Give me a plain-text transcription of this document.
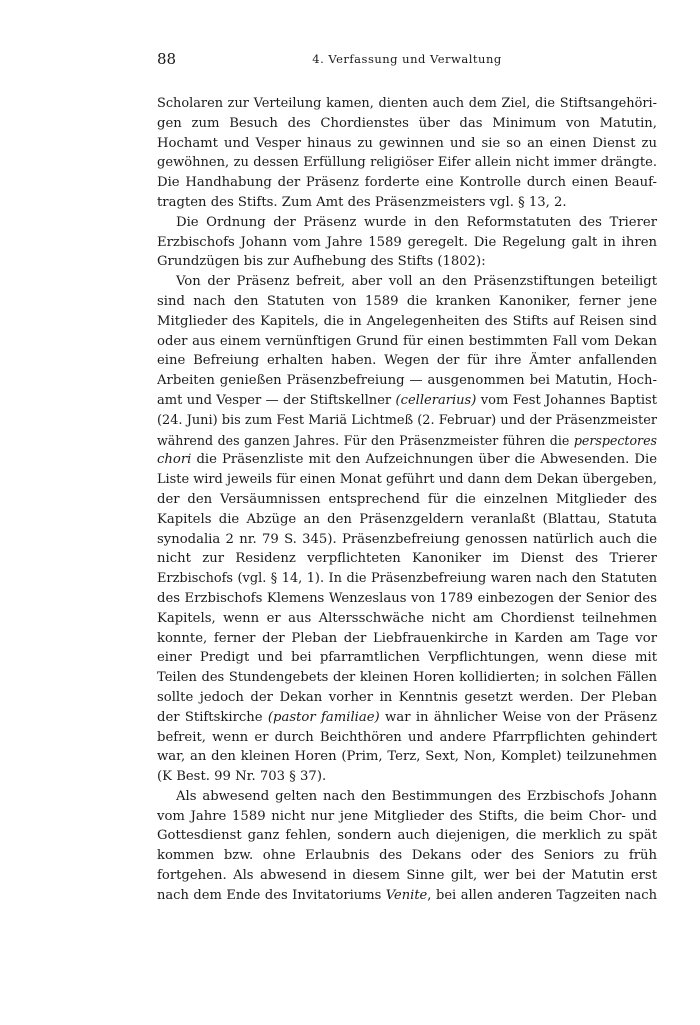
88	4. Verfassung und Verwaltung
Scholaren zur Verteilung kamen, dienten auch dem Ziel, die Stiftsangehöri-
gen zum Besuch des Chordienstes über das Minimum von Matutin,
Hochamt und Vesper hinaus zu gewinnen und sie so an einen Dienst zu
gewöhnen, zu dessen Erfüllung religiöser Eifer allein nicht immer drängte.
Die Handhabung der Präsenz forderte eine Kontrolle durch einen Beauf-
tragten des Stifts. Zum Amt des Präsenzmeisters vgl. § 13, 2.
Die Ordnung der Präsenz wurde in den Reformstatuten des Trierer
Erzbischofs Johann vom Jahre 1589 geregelt. Die Regelung galt in ihren
Grundzügen bis zur Aufhebung des Stifts (1802):
Von der Präsenz befreit, aber voll an den Präsenzstiftungen beteiligt
sind nach den Statuten von 1589 die kranken Kanoniker, ferner jene
Mitglieder des Kapitels, die in Angelegenheiten des Stifts auf Reisen sind
oder aus einem vernünftigen Grund für einen bestimmten Fall vom Dekan
eine Befreiung erhalten haben. Wegen der für ihre Ämter anfallenden
Arbeiten genießen Präsenzbefreiung — ausgenommen bei Matutin, Hoch-
amt und Vesper — der Stiftskellner (cellerarius) vom Fest Johannes Baptist
(24. Juni) bis zum Fest Mariä Lichtmeß (2. Februar) und der Präsenzmeister
während des ganzen Jahres. Für den Präsenzmeister führen die perspectores
chori die Präsenzliste mit den Aufzeichnungen über die Abwesenden. Die
Liste wird jeweils für einen Monat geführt und dann dem Dekan übergeben,
der den Versäumnissen entsprechend für die einzelnen Mitglieder des
Kapitels die Abzüge an den Präsenzgeldern veranlaßt (Blattau, Statuta
synodalia 2 nr. 79 S. 345). Präsenzbefreiung genossen natürlich auch die
nicht zur Residenz verpflichteten Kanoniker im Dienst des Trierer
Erzbischofs (vgl. § 14, 1). In die Präsenzbefreiung waren nach den Statuten
des Erzbischofs Klemens Wenzeslaus von 1789 einbezogen der Senior des
Kapitels, wenn er aus Altersschwäche nicht am Chordienst teilnehmen
konnte, ferner der Pleban der Liebfrauenkirche in Karden am Tage vor
einer Predigt und bei pfarramtlichen Verpflichtungen, wenn diese mit
Teilen des Stundengebets der kleinen Horen kollidierten; in solchen Fällen
sollte jedoch der Dekan vorher in Kenntnis gesetzt werden. Der Pleban
der Stiftskirche (pastor familiae) war in ähnlicher Weise von der Präsenz
befreit, wenn er durch Beichthören und andere Pfarrpflichten gehindert
war, an den kleinen Horen (Prim, Terz, Sext, Non, Komplet) teilzunehmen
(K Best. 99 Nr. 703 § 37).
Als abwesend gelten nach den Bestimmungen des Erzbischofs Johann
vom Jahre 1589 nicht nur jene Mitglieder des Stifts, die beim Chor- und
Gottesdienst ganz fehlen, sondern auch diejenigen, die merklich zu spät
kommen bzw. ohne Erlaubnis des Dekans oder des Seniors zu früh
fortgehen. Als abwesend in diesem Sinne gilt, wer bei der Matutin erst
nach dem Ende des Invitatoriums Venite, bei allen anderen Tagzeiten nach
